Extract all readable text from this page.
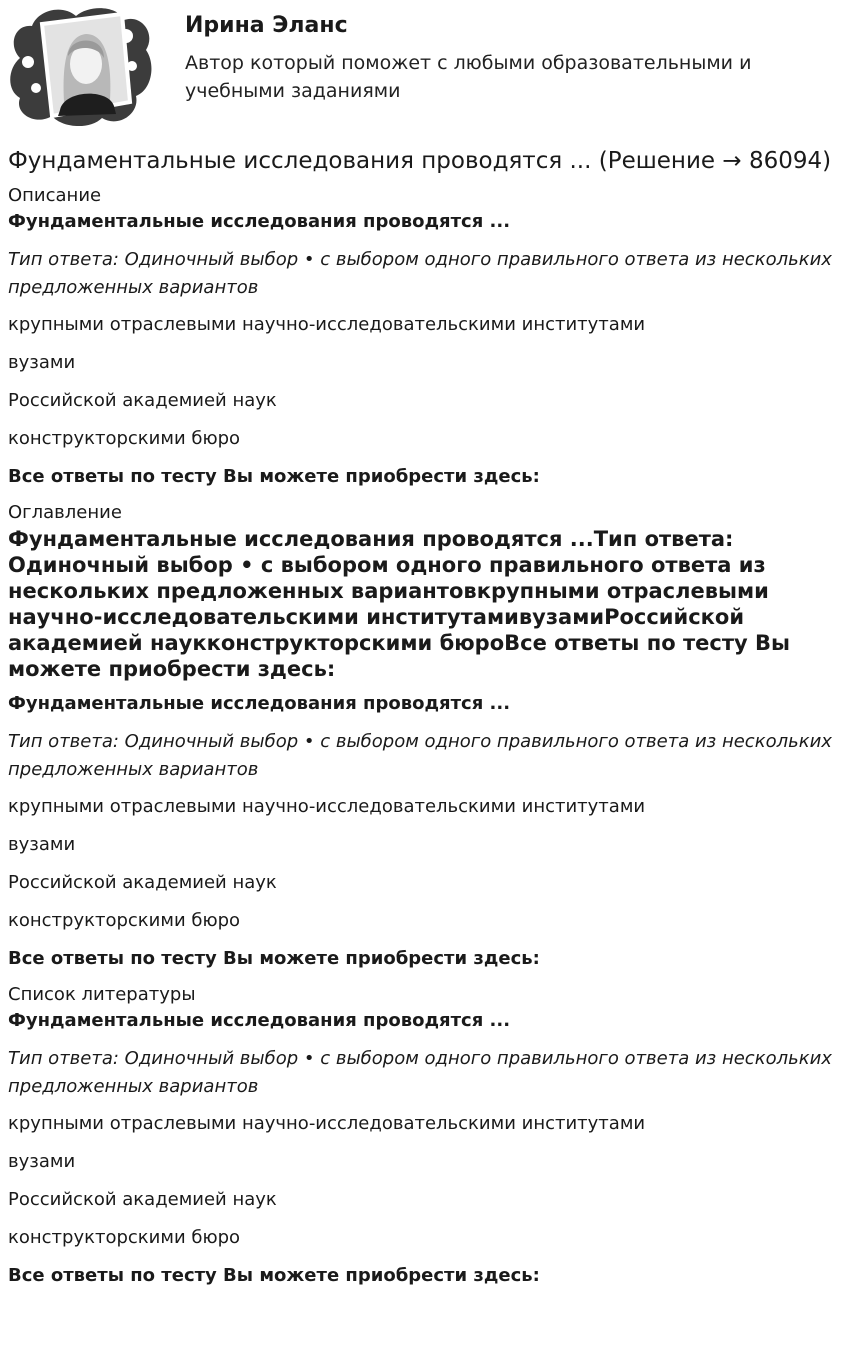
Ирина Эланс
Автор который поможет с любыми образовательными и учебными заданиями
Фундаментальные исследования проводятся ... (Решение → 86094)

Описание

Фундаментальные исследования проводятся ...

Тип ответа: Одиночный выбор • с выбором одного правильного ответа из нескольких предложенных вариантов

крупными отраслевыми научно-исследовательскими институтами

вузами

Российской академией наук

конструкторскими бюро

Все ответы по тесту Вы можете приобрести здесь:

Оглавление

Фундаментальные исследования проводятся ...Тип ответа: Одиночный выбор • с выбором одного правильного ответа из нескольких предложенных вариантовкрупными отраслевыми научно-исследовательскими институтамивузамиРоссийской академией наукконструкторскими бюроВсе ответы по тесту Вы можете приобрести здесь:

Фундаментальные исследования проводятся ...

Тип ответа: Одиночный выбор • с выбором одного правильного ответа из нескольких предложенных вариантов

крупными отраслевыми научно-исследовательскими институтами

вузами

Российской академией наук

конструкторскими бюро

Все ответы по тесту Вы можете приобрести здесь:

Список литературы

Фундаментальные исследования проводятся ...

Тип ответа: Одиночный выбор • с выбором одного правильного ответа из нескольких предложенных вариантов

крупными отраслевыми научно-исследовательскими институтами

вузами

Российской академией наук

конструкторскими бюро

Все ответы по тесту Вы можете приобрести здесь:
